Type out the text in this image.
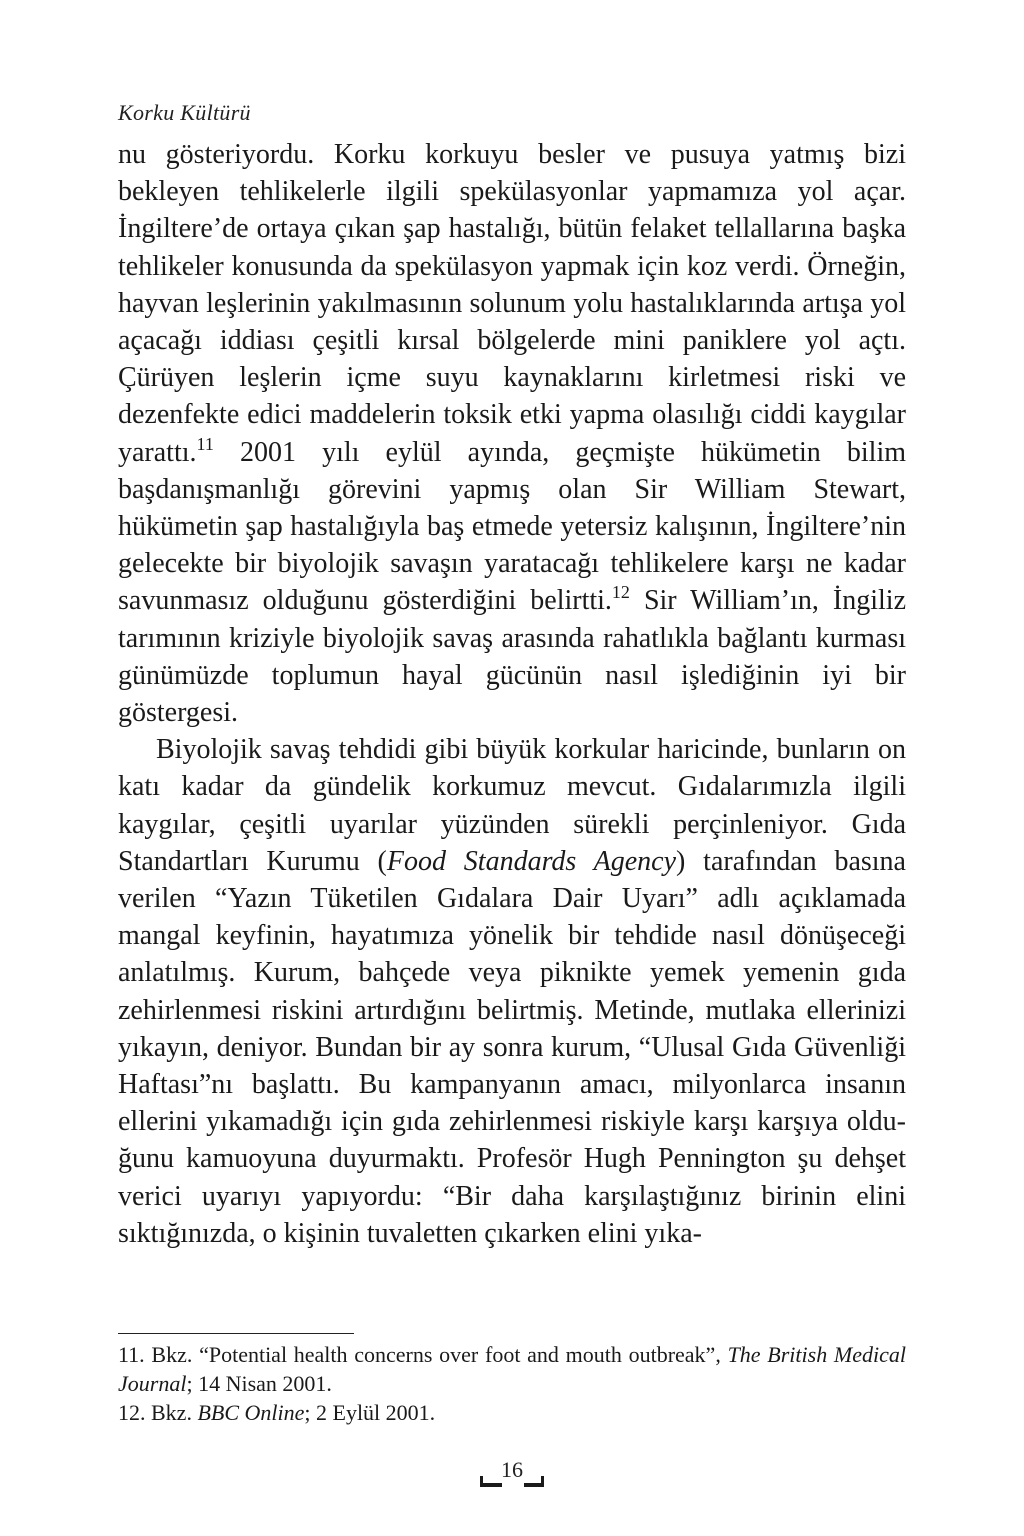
Korku Kültürü

nu gösteriyordu. Korku korkuyu besler ve pusuya yatmış bizi bekleyen tehlikelerle ilgili spekülasyonlar yapmamıza yol açar. İngiltere’de ortaya çıkan şap hastalığı, bütün felaket tellallarına başka tehlikeler konusunda da spekülasyon yapmak için koz verdi. Örneğin, hayvan leşlerinin yakılmasının solunum yolu hastalıklarında artışa yol açacağı iddiası çeşitli kırsal bölgelerde mini paniklere yol açtı. Çürüyen leşlerin içme suyu kaynaklarını kirletmesi riski ve dezenfekte edici maddelerin toksik etki yapma olasılığı ciddi kaygılar yarattı.$^{11}$ 2001 yılı eylül ayında, geçmişte hükümetin bilim başdanışmanlığı görevini yapmış olan Sir William Stewart, hükümetin şap hastalığıyla baş etmede yetersiz kalışının, İngiltere’nin gelecekte bir biyolojik savaşın yaratacağı tehlikelere karşı ne kadar savunmasız olduğunu gösterdiğini belirtti.$^{12}$ Sir William’ın, İngiliz tarımının kriziyle biyolojik savaş arasında rahatlıkla bağlantı kurması günümüzde toplumun hayal gücünün nasıl işlediğinin iyi bir göstergesi.

Biyolojik savaş tehdidi gibi büyük korkular haricinde, bunların on katı kadar da gündelik korkumuz mevcut. Gıdalarımızla ilgili kaygılar, çeşitli uyarılar yüzünden sürekli perçinleniyor. Gıda Standartları Kurumu (Food Standards Agency) tarafından basına verilen “Yazın Tüketilen Gıdalara Dair Uyarı” adlı açıklamada mangal keyfinin, hayatımıza yönelik bir tehdide nasıl dönüşeceği anlatılmış. Kurum, bahçede veya piknikte yemek yemenin gıda zehirlenmesi riskini artırdığını belirtmiş. Metinde, mutlaka ellerinizi yıkayın, deniyor. Bundan bir ay sonra kurum, “Ulusal Gıda Güvenliği Haftası”nı başlattı. Bu kampanyanın amacı, milyonlarca insanın ellerini yıkamadığı için gıda zehirlenmesi riskiyle karşı karşıya olduğunu kamuoyuna duyurmaktı. Profesör Hugh Pennington şu dehşet verici uyarıyı yapıyordu: “Bir daha karşılaştığınız birinin elini sıktığınızda, o kişinin tuvaletten çıkarken elini yıka-

11. Bkz. “Potential health concerns over foot and mouth outbreak”, The British Medical Journal; 14 Nisan 2001.

12. Bkz. BBC Online; 2 Eylül 2001.

16
